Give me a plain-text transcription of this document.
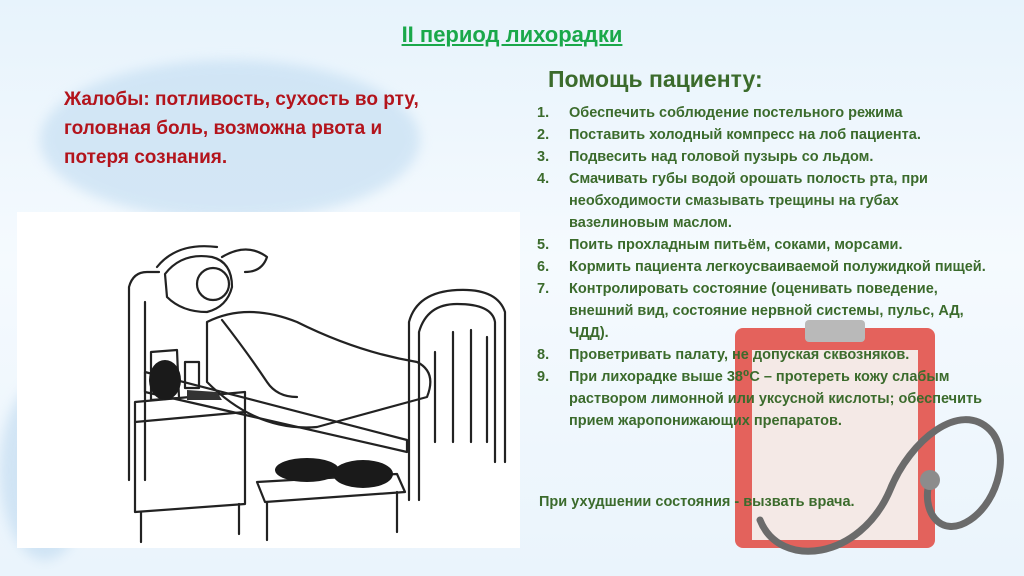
II период лихорадки
Жалобы: потливость, сухость во рту, головная боль, возможна рвота и потеря сознания.
Помощь пациенту:
1.	Обеспечить соблюдение постельного режима
2.	Поставить холодный компресс на лоб пациента.
3.	Подвесить над головой пузырь со льдом.
4.	Смачивать губы водой орошать полость рта, при необходимости смазывать трещины на губах вазелиновым маслом.
5.	Поить прохладным питьём, соками, морсами.
6.	Кормить пациента легкоусваиваемой полужидкой пищей.
7.	Контролировать состояние (оценивать поведение, внешний вид, состояние нервной системы, пульс, АД, ЧДД).
8.	Проветривать палату, не допуская сквозняков.
9.	При лихорадке выше 38⁰С – протереть кожу слабым раствором лимонной или уксусной кислоты; обеспечить прием жаропонижающих препаратов.
При ухудшении состояния - вызвать врача.
